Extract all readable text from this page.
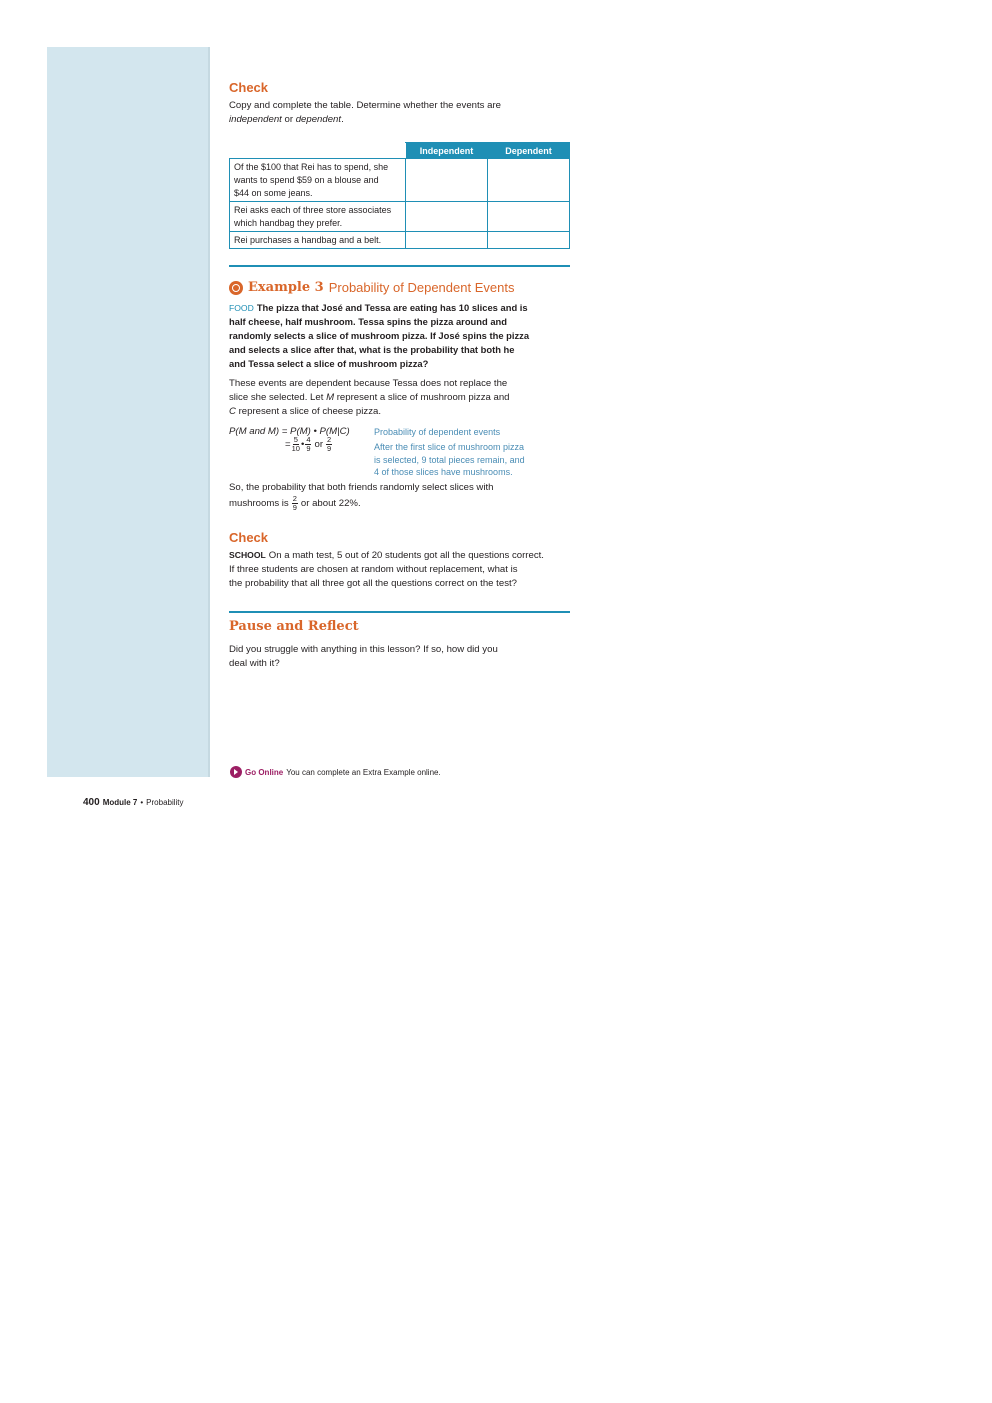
Check

Copy and complete the table. Determine whether the events are

independent or dependent.

	Independent	Dependent

Of the $100 that Rei has to spend, she
wants to spend $59 on a blouse and
$44 on some jeans.		

Rei asks each of three store associates
which handbag they prefer.		

Rei purchases a handbag and a belt.		

Example 3 Probability of Dependent Events
FOOD The pizza that José and Tessa are eating has 10 slices and is
half cheese, half mushroom. Tessa spins the pizza around and
randomly selects a slice of mushroom pizza. If José spins the pizza
and selects a slice after that, what is the probability that both he
and Tessa select a slice of mushroom pizza?
These events are dependent because Tessa does not replace the
slice she selected. Let M represent a slice of mushroom pizza and
C represent a slice of cheese pizza.
P(M and M) = P(M) • P(M|C)
= $\frac{5}{10}$ • $\frac{4}{9}$ or $\frac{2}{9}$
Probability of dependent events
After the first slice of mushroom pizza
is selected, 9 total pieces remain, and
4 of those slices have mushrooms.
So, the probability that both friends randomly select slices with
mushrooms is $\frac{2}{9}$ or about 22%.
Check
SCHOOL On a math test, 5 out of 20 students got all the questions correct.
If three students are chosen at random without replacement, what is
the probability that all three got all the questions correct on the test?
Pause and Reflect
Did you struggle with anything in this lesson? If so, how did you
deal with it?
Go Online You can complete an Extra Example online.
400 Module 7 • Probability
